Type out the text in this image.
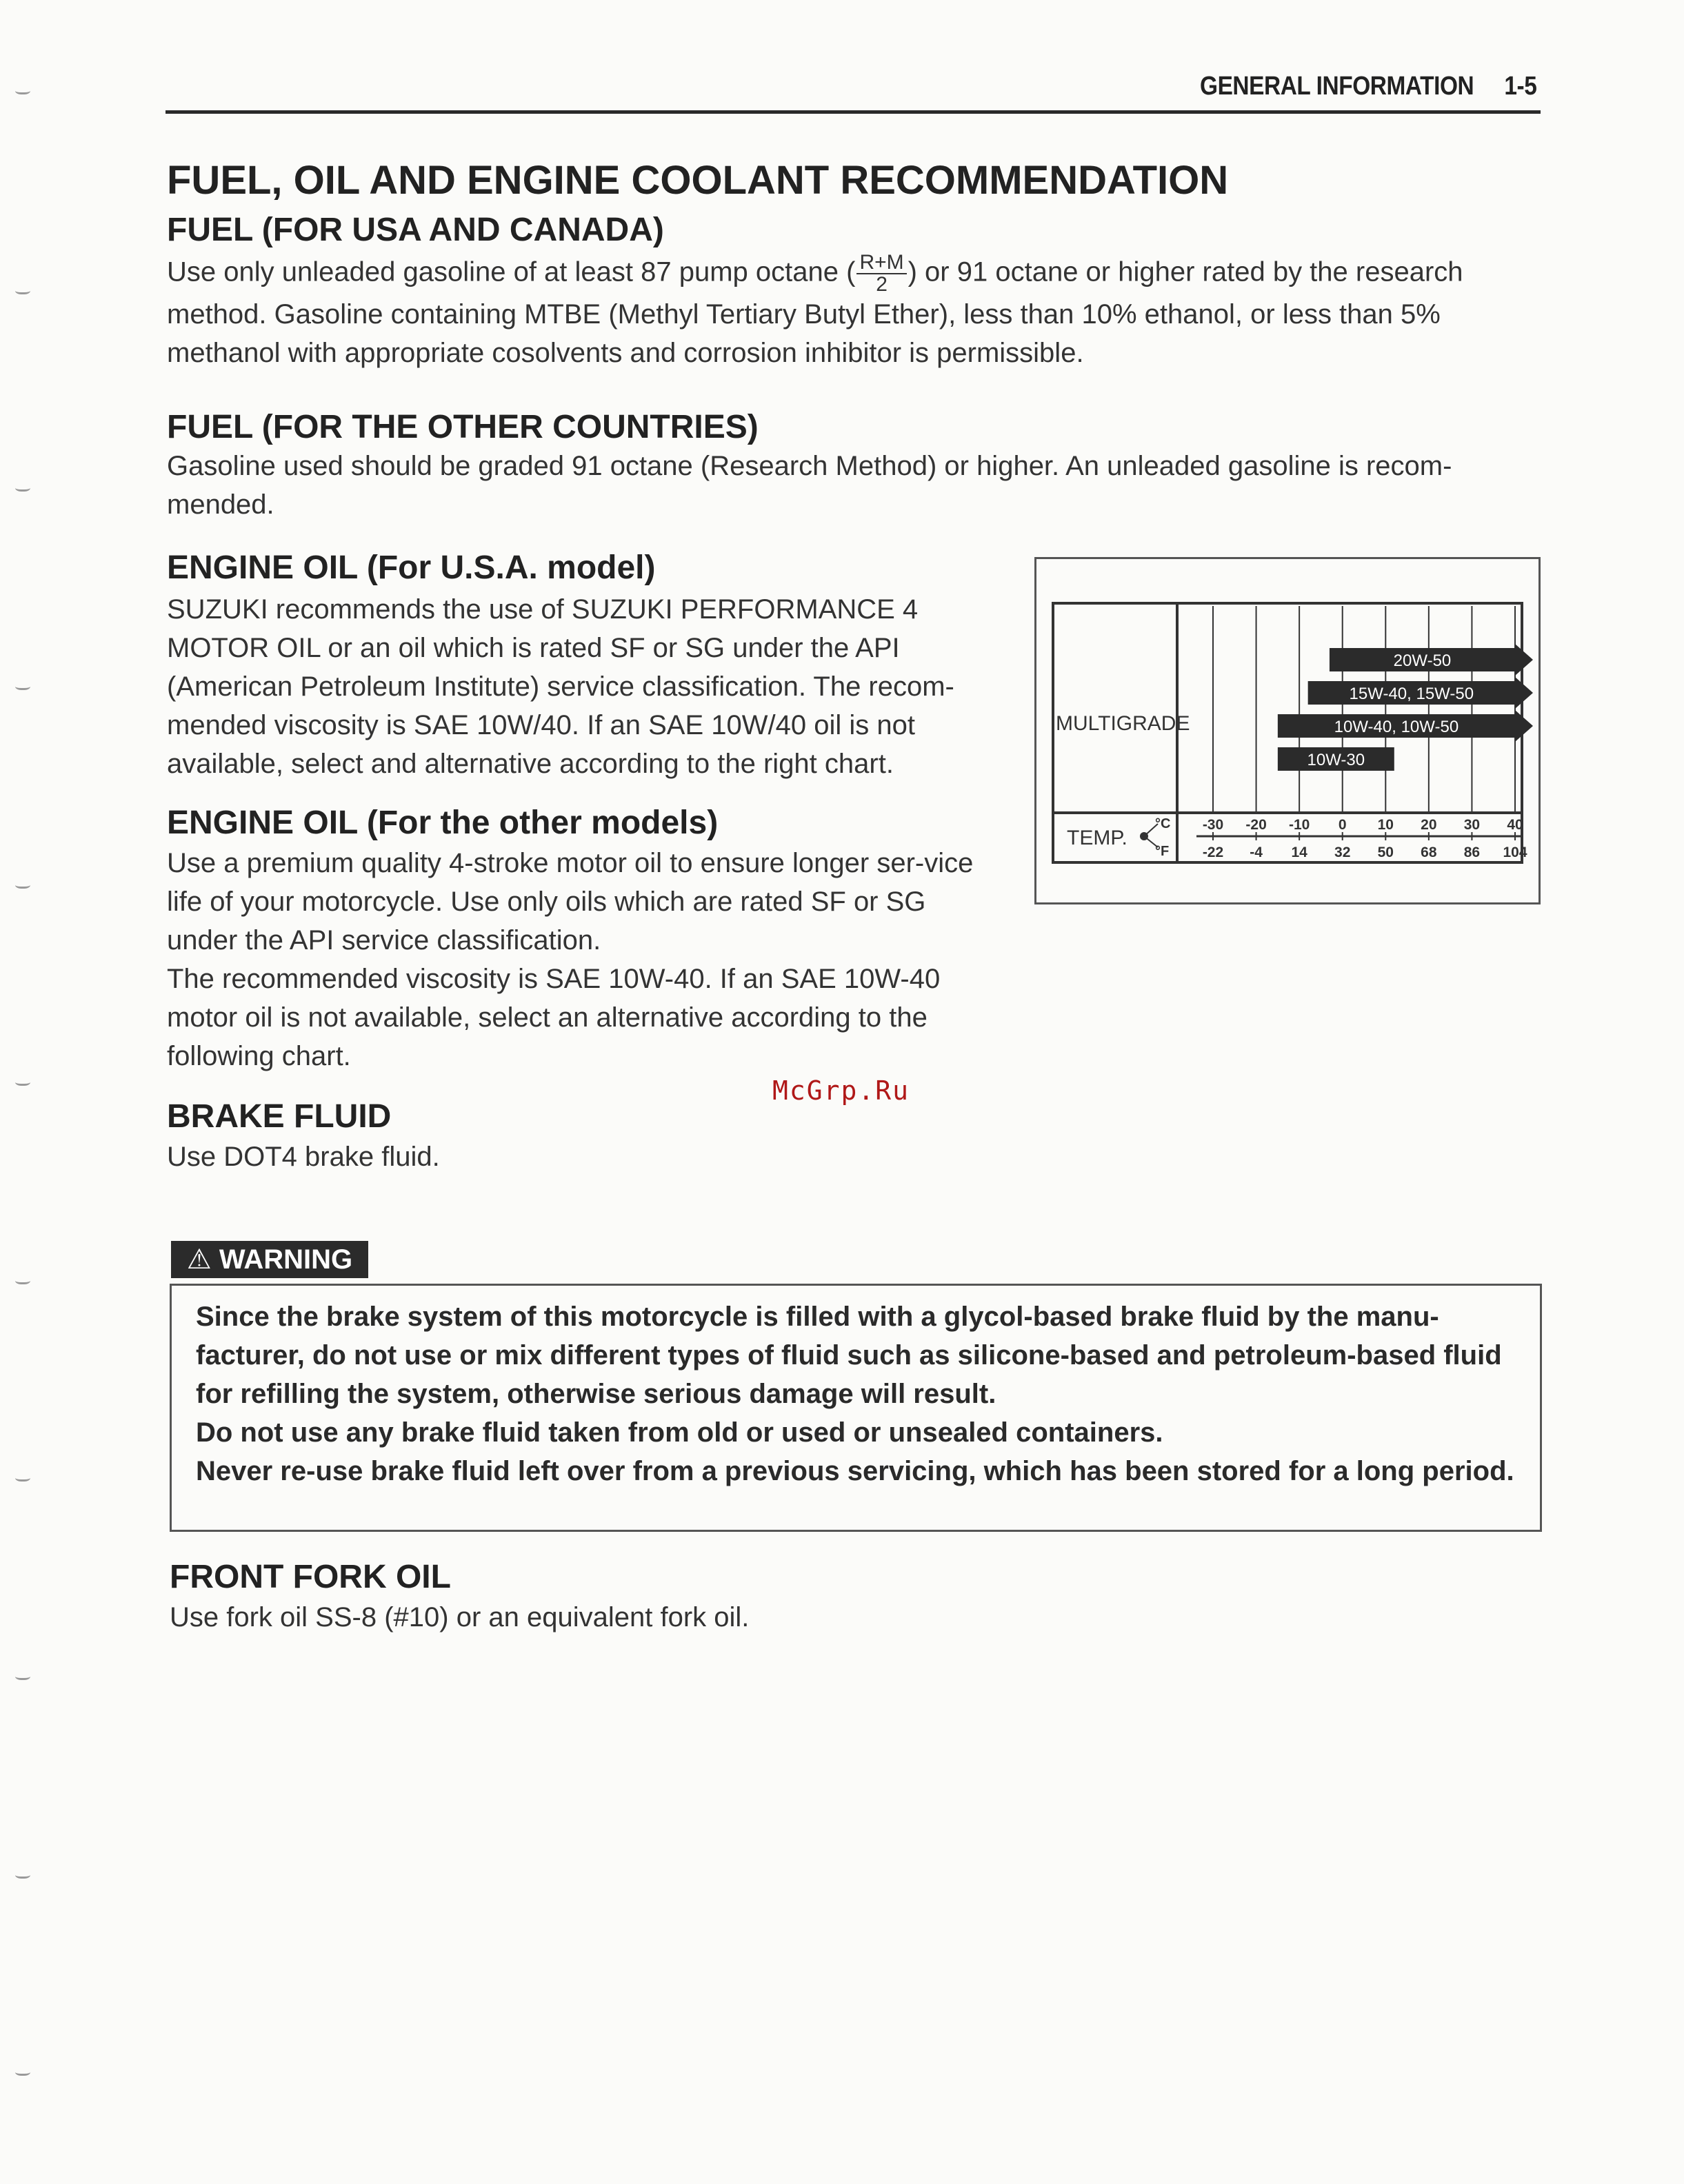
GENERAL INFORMATION 1-5
FUEL, OIL AND ENGINE COOLANT RECOMMENDATION
FUEL (FOR USA AND CANADA)
Use only unleaded gasoline of at least 87 pump octane ( $\frac{R+M}{2}$ ) or 91 octane or higher rated by the research method. Gasoline containing MTBE (Methyl Tertiary Butyl Ether), less than 10% ethanol, or less than 5% methanol with appropriate cosolvents and corrosion inhibitor is permissible.
FUEL (FOR THE OTHER COUNTRIES)
Gasoline used should be graded 91 octane (Research Method) or higher. An unleaded gasoline is recom-mended.
ENGINE OIL (For U.S.A. model)
SUZUKI recommends the use of SUZUKI PERFORMANCE 4 MOTOR OIL or an oil which is rated SF or SG under the API (American Petroleum Institute) service classification. The recom-mended viscosity is SAE 10W/40. If an SAE 10W/40 oil is not available, select and alternative according to the right chart.
ENGINE OIL (For the other models)
Use a premium quality 4-stroke motor oil to ensure longer ser-vice life of your motorcycle. Use only oils which are rated SF or SG under the API service classification.
The recommended viscosity is SAE 10W-40. If an SAE 10W-40 motor oil is not available, select an alternative according to the following chart.
McGrp.Ru
BRAKE FLUID
Use DOT4 brake fluid.
MULTIGRADE
TEMP.
°C
°F
20W-50
15W-40, 15W-50
10W-40, 10W-50
10W-30
-30
-22
-20
-4
-10
14
0
32
10
50
20
68
30
86
40
104
⚠ WARNING
Since the brake system of this motorcycle is filled with a glycol-based brake fluid by the manu-facturer, do not use or mix different types of fluid such as silicone-based and petroleum-based fluid for refilling the system, otherwise serious damage will result.
Do not use any brake fluid taken from old or used or unsealed containers.
Never re-use brake fluid left over from a previous servicing, which has been stored for a long period.
FRONT FORK OIL
Use fork oil SS-8 (#10) or an equivalent fork oil.
